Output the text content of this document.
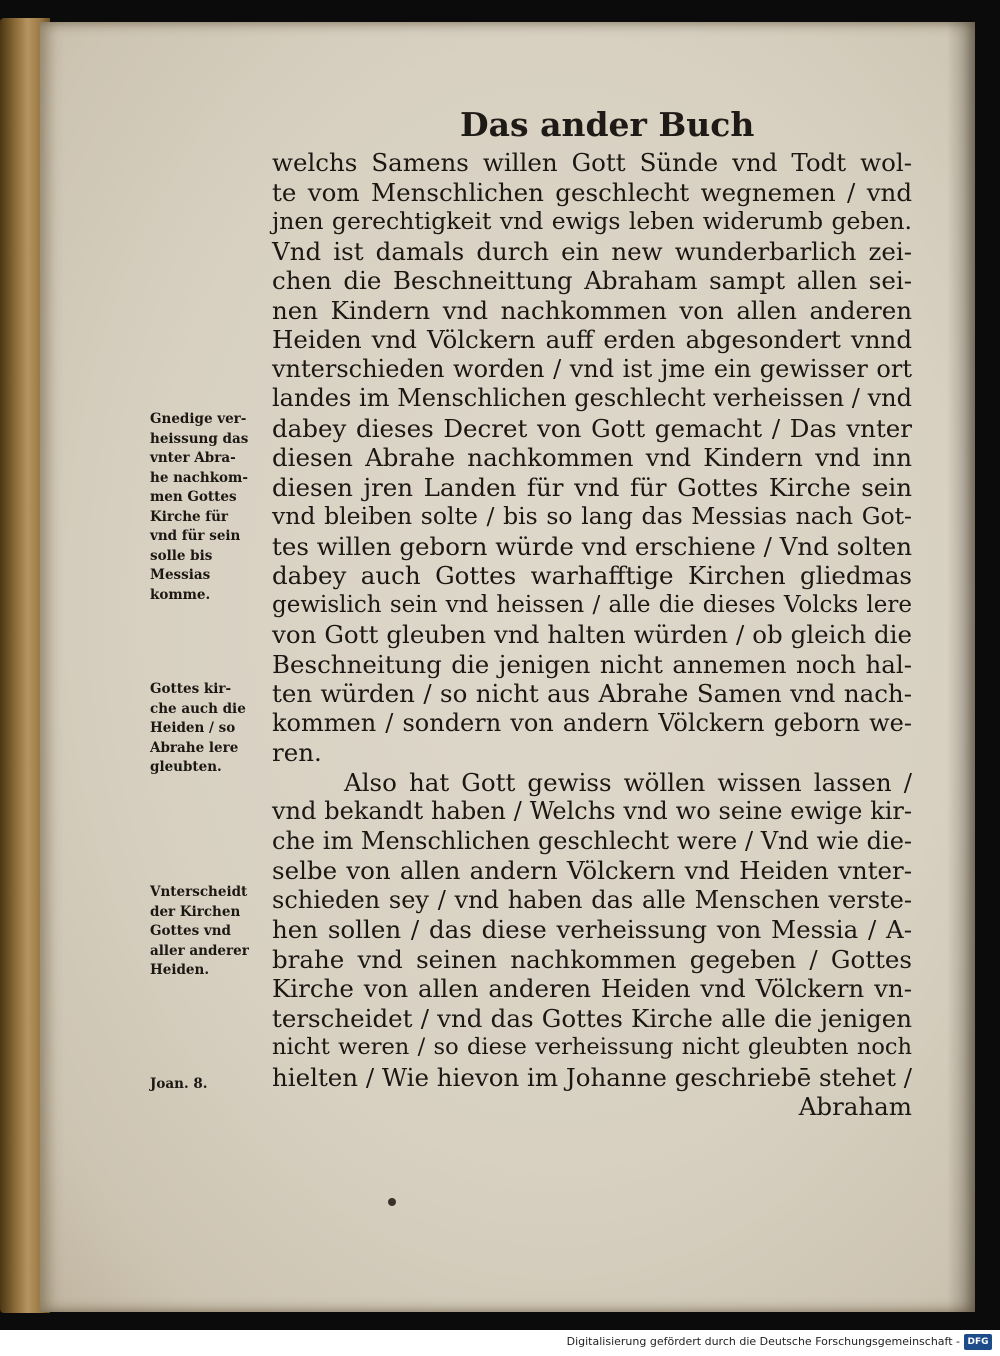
Das ander Buch
welchs Samens willen Gott Sünde vnd Todt wol-
te vom Menschlichen geschlecht wegnemen / vnd
jnen gerechtigkeit vnd ewigs leben widerumb geben.
Vnd ist damals durch ein new wunderbarlich zei-
chen die Beschneittung Abraham sampt allen sei-
nen Kindern vnd nachkommen von allen anderen
Heiden vnd Völckern auff erden abgesondert vnnd
vnterschieden worden / vnd ist jme ein gewisser ort
landes im Menschlichen geschlecht verheissen / vnd
dabey dieses Decret von Gott gemacht / Das vnter
diesen Abrahe nachkommen vnd Kindern vnd inn
diesen jren Landen für vnd für Gottes Kirche sein
vnd bleiben solte / bis so lang das Messias nach Got-
tes willen geborn würde vnd erschiene / Vnd solten
dabey auch Gottes warhafftige Kirchen gliedmas
gewislich sein vnd heissen / alle die dieses Volcks lere
von Gott gleuben vnd halten würden / ob gleich die
Beschneitung die jenigen nicht annemen noch hal-
ten würden / so nicht aus Abrahe Samen vnd nach-
kommen / sondern von andern Völckern geborn we-
ren.
Also hat Gott gewiss wöllen wissen lassen /
vnd bekandt haben / Welchs vnd wo seine ewige kir-
che im Menschlichen geschlecht were / Vnd wie die-
selbe von allen andern Völckern vnd Heiden vnter-
schieden sey / vnd haben das alle Menschen verste-
hen sollen / das diese verheissung von Messia / A-
brahe vnd seinen nachkommen gegeben / Gottes
Kirche von allen anderen Heiden vnd Völckern vn-
terscheidet / vnd das Gottes Kirche alle die jenigen
nicht weren / so diese verheissung nicht gleubten noch
hielten / Wie hievon im Johanne geschriebē stehet /
Abraham
Gnedige ver-
heissung das
vnter Abra-
he nachkom-
men Gottes
Kirche für
vnd für sein
solle bis
Messias
komme.
Gottes kir-
che auch die
Heiden / so
Abrahe lere
gleubten.
Vnterscheidt
der Kirchen
Gottes vnd
aller anderer
Heiden.
Joan. 8.
Digitalisierung gefördert durch die Deutsche Forschungsgemeinschaft - DFG
